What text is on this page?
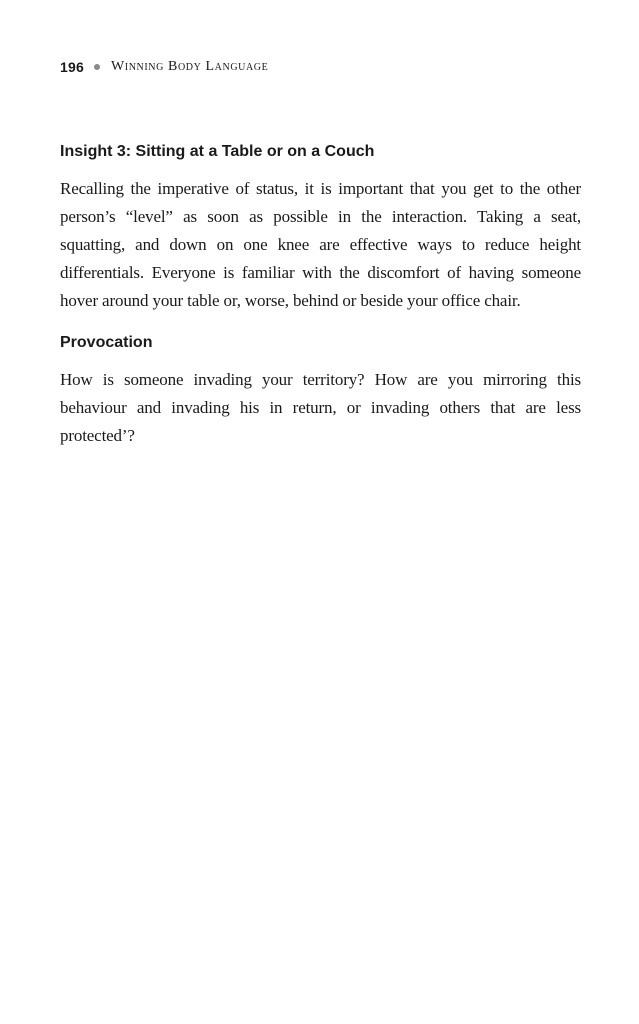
196 Winning Body Language
Insight 3: Sitting at a Table or on a Couch

Recalling the imperative of status, it is important that you get to the other person’s “level” as soon as possible in the interaction. Taking a seat, squatting, and down on one knee are effective ways to reduce height differentials. Everyone is familiar with the discomfort of having someone hover around your table or, worse, behind or beside your office chair.

Provocation

How is someone invading your territory? How are you mirroring this behaviour and invading his in return, or invading others that are less protected’?
